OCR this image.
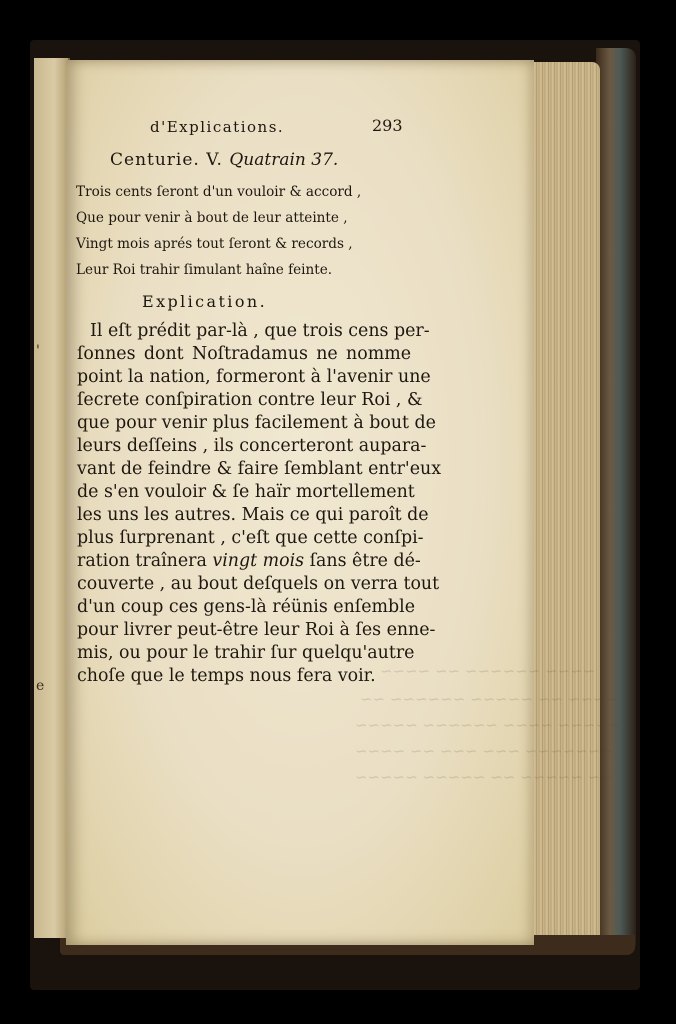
'
e
~~~~ ~~~~~~ ~~ ~~~~
~~~~ ~~ ~~~~~ ~~~~~~ ~~
~~~~~ ~~~~ ~~~~~~ ~~~~~
~~~~~~~ ~~~ ~~~ ~~ ~~~~
~~ ~~~~~ ~~ ~~~~~ ~~~~~
d'Explications.	293
Centurie. V. Quatrain 37.
Trois cents ſeront d'un vouloir & accord ,
Que pour venir à bout de leur atteinte ,
Vingt mois aprés tout ſeront & records ,
Leur Roi trahir ſimulant haîne feinte.
Explication.
Il eſt prédit par-là , que trois cens per-
ſonnes dont Noſtradamus ne nomme
point la nation, formeront à l'avenir une
ſecrete conſpiration contre leur Roi , &
que pour venir plus facilement à bout de
leurs deſſeins , ils concerteront aupara-
vant de feindre & faire ſemblant entr'eux
de s'en vouloir & ſe haïr mortellement
les uns les autres. Mais ce qui paroît de
plus ſurprenant , c'eſt que cette conſpi-
ration traînera vingt mois ſans être dé-
couverte , au bout deſquels on verra tout
d'un coup ces gens-là réünis enſemble
pour livrer peut-être leur Roi à ſes enne-
mis, ou pour le trahir ſur quelqu'autre
choſe que le temps nous fera voir.
